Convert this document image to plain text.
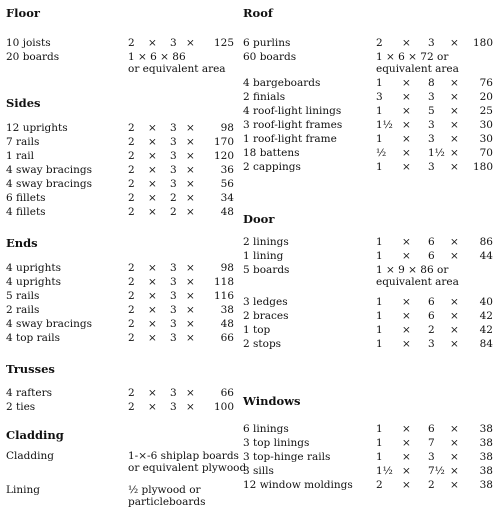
Floor
10 joists	2 × 3 × 125
20 boards	1 × 6 × 86
or equivalent area
Sides
12 uprights	2 × 3 × 98
7 rails	2 × 3 × 170
1 rail	2 × 3 × 120
4 sway bracings	2 × 3 × 36
4 sway bracings	2 × 3 × 56
6 fillets	2 × 2 × 34
4 fillets	2 × 2 × 48
Ends
4 uprights	2 × 3 × 98
4 uprights	2 × 3 × 118
5 rails	2 × 3 × 116
2 rails	2 × 3 × 38
4 sway bracings	2 × 3 × 48
4 top rails	2 × 3 × 66
Trusses
4 rafters	2 × 3 × 66
2 ties	2 × 3 × 100
Cladding
Cladding	1-×-6 shiplap boards
or equivalent plywood
Lining	½ plywood or
particleboards
Roof
6 purlins	2 × 3 × 180
60 boards	1 × 6 × 72 or
equivalent area
4 bargeboards	1 × 8 × 76
2 finials	3 × 3 × 20
4 roof-light linings	1 × 5 × 25
3 roof-light frames	1½ × 3 × 30
1 roof-light frame	1 × 3 × 30
18 battens	½ × 1½ × 70
2 cappings	1 × 3 × 180
Door
2 linings	1 × 6 × 86
1 lining	1 × 6 × 44
5 boards	1 × 9 × 86 or
equivalent area
3 ledges	1 × 6 × 40
2 braces	1 × 6 × 42
1 top	1 × 2 × 42
2 stops	1 × 3 × 84
Windows
6 linings	1 × 6 × 38
3 top linings	1 × 7 × 38
3 top-hinge rails	1 × 3 × 38
3 sills	1½ × 7½ × 38
12 window moldings 2 × 2 × 38
